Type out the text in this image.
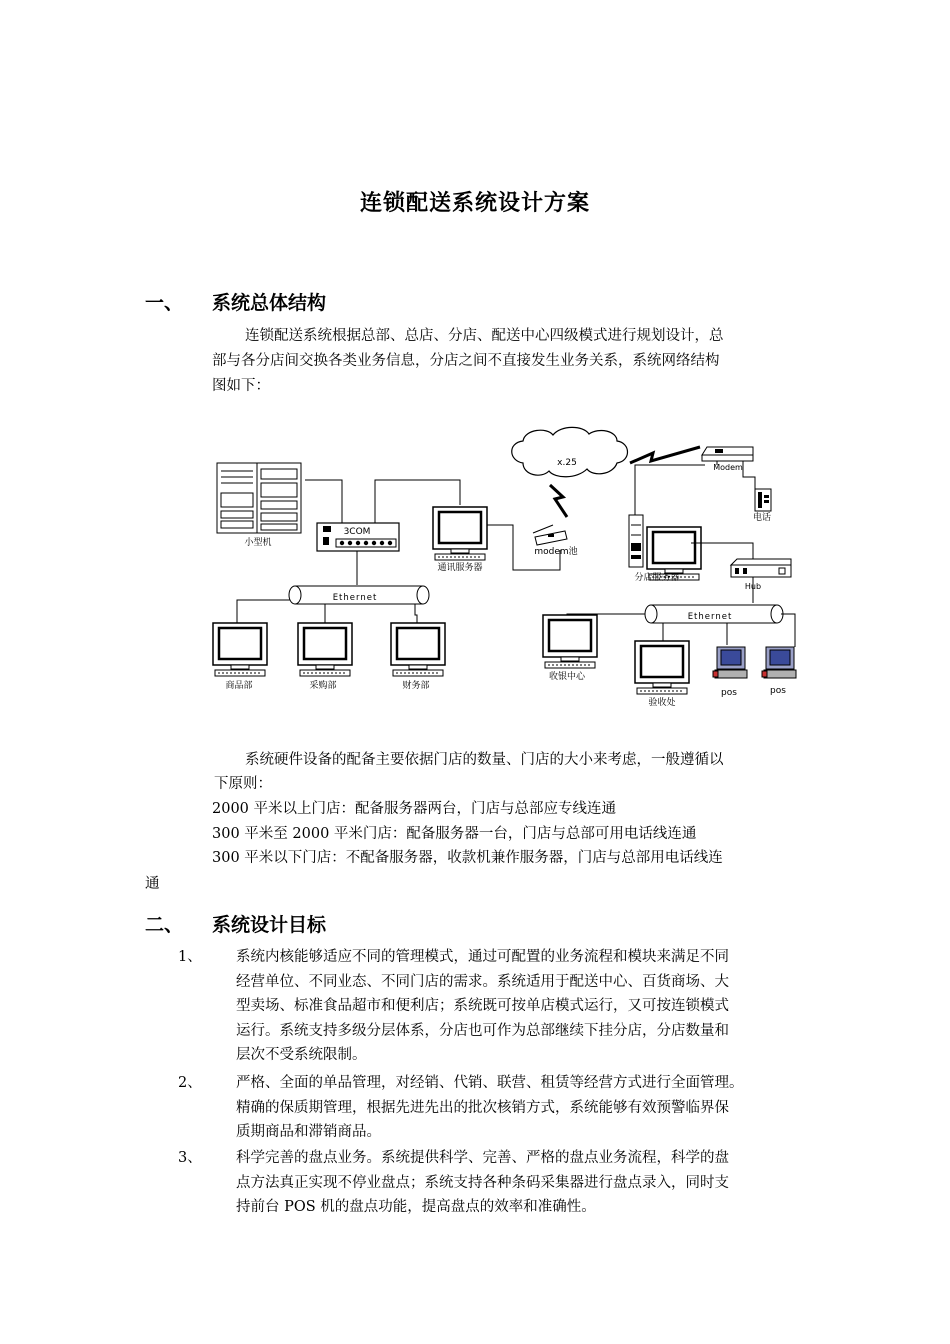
连锁配送系统设计方案
一、 系统总体结构
连锁配送系统根据总部、总店、分店、配送中心四级模式进行规划设计，总
部与各分店间交换各类业务信息，分店之间不直接发生业务关系，系统网络结构
图如下：
x.25
小型机
3COM
通讯服务器
modem池
Ethernet
商品部	采购部	财务部
Modem
电话
分店服务器
Hub
Ethernet
收银中心
验收处
pos	pos
系统硬件设备的配备主要依据门店的数量、门店的大小来考虑，一般遵循以
下原则：
2000 平米以上门店：配备服务器两台，门店与总部应专线连通
300 平米至 2000 平米门店：配备服务器一台，门店与总部可用电话线连通
300 平米以下门店：不配备服务器，收款机兼作服务器，门店与总部用电话线连
通
二、 系统设计目标
1、 系统内核能够适应不同的管理模式，通过可配置的业务流程和模块来满足不同
经营单位、不同业态、不同门店的需求。系统适用于配送中心、百货商场、大
型卖场、标准食品超市和便利店；系统既可按单店模式运行，又可按连锁模式
运行。系统支持多级分层体系，分店也可作为总部继续下挂分店，分店数量和
层次不受系统限制。
2、 严格、全面的单品管理，对经销、代销、联营、租赁等经营方式进行全面管理。
精确的保质期管理，根据先进先出的批次核销方式，系统能够有效预警临界保
质期商品和滞销商品。
3、 科学完善的盘点业务。系统提供科学、完善、严格的盘点业务流程，科学的盘
点方法真正实现不停业盘点；系统支持各种条码采集器进行盘点录入，同时支
持前台 POS 机的盘点功能，提高盘点的效率和准确性。
